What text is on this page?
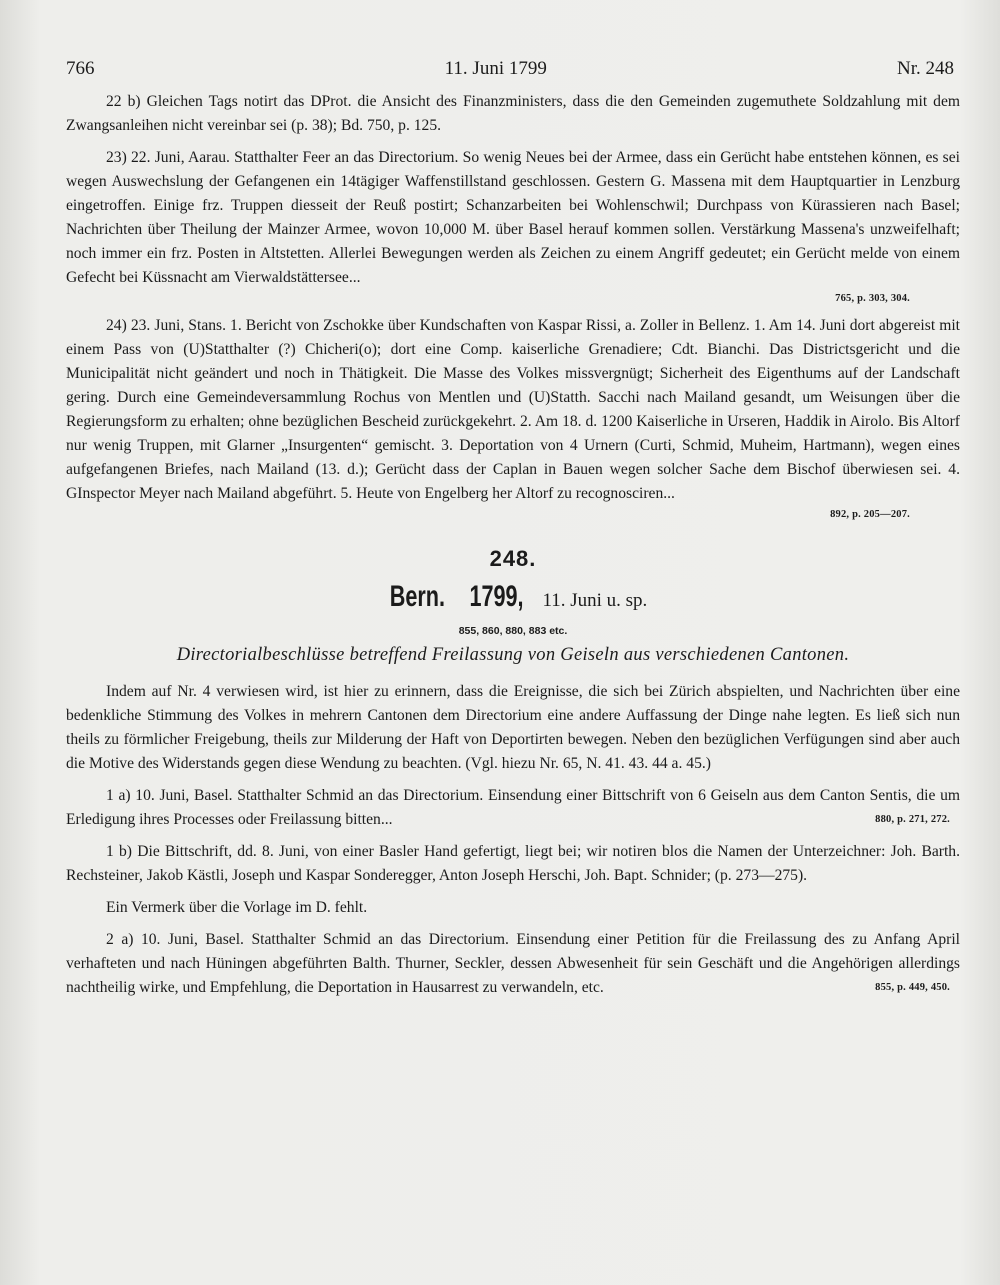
766	11. Juni 1799	Nr. 248

22 b) Gleichen Tags notirt das DProt. die Ansicht des Finanzministers, dass die den Gemeinden zugemuthete Soldzahlung mit dem Zwangsanleihen nicht vereinbar sei (p. 38); Bd. 750, p. 125.

23) 22. Juni, Aarau. Statthalter Feer an das Directorium. So wenig Neues bei der Armee, dass ein Gerücht habe entstehen können, es sei wegen Auswechslung der Gefangenen ein 14tägiger Waffenstillstand geschlossen. Gestern G. Massena mit dem Hauptquartier in Lenzburg eingetroffen. Einige frz. Truppen diesseit der Reuß postirt; Schanzarbeiten bei Wohlenschwil; Durchpass von Kürassieren nach Basel; Nachrichten über Theilung der Mainzer Armee, wovon 10,000 M. über Basel herauf kommen sollen. Verstärkung Massena's unzweifelhaft; noch immer ein frz. Posten in Altstetten. Allerlei Bewegungen werden als Zeichen zu einem Angriff gedeutet; ein Gerücht melde von einem Gefecht bei Küssnacht am Vierwaldstättersee...

765, p. 303, 304.

24) 23. Juni, Stans. 1. Bericht von Zschokke über Kundschaften von Kaspar Rissi, a. Zoller in Bellenz. 1. Am 14. Juni dort abgereist mit einem Pass von (U)Statthalter (?) Chicheri(o); dort eine Comp. kaiserliche Grenadiere; Cdt. Bianchi. Das Districtsgericht und die Municipalität nicht geändert und noch in Thätigkeit. Die Masse des Volkes missvergnügt; Sicherheit des Eigenthums auf der Landschaft gering. Durch eine Gemeindeversammlung Rochus von Mentlen und (U)Statth. Sacchi nach Mailand gesandt, um Weisungen über die Regierungsform zu erhalten; ohne bezüglichen Bescheid zurückgekehrt. 2. Am 18. d. 1200 Kaiserliche in Urseren, Haddik in Airolo. Bis Altorf nur wenig Truppen, mit Glarner „Insurgenten“ gemischt. 3. Deportation von 4 Urnern (Curti, Schmid, Muheim, Hartmann), wegen eines aufgefangenen Briefes, nach Mailand (13. d.); Gerücht dass der Caplan in Bauen wegen solcher Sache dem Bischof überwiesen sei. 4. GInspector Meyer nach Mailand abgeführt. 5. Heute von Engelberg her Altorf zu recognosciren...

892, p. 205—207.
248.
Bern. 1799, 11. Juni u. sp.
855, 860, 880, 883 etc.
Directorialbeschlüsse betreffend Freilassung von Geiseln aus verschiedenen Cantonen.

Indem auf Nr. 4 verwiesen wird, ist hier zu erinnern, dass die Ereignisse, die sich bei Zürich abspielten, und Nachrichten über eine bedenkliche Stimmung des Volkes in mehrern Cantonen dem Directorium eine andere Auffassung der Dinge nahe legten. Es ließ sich nun theils zu förmlicher Freigebung, theils zur Milderung der Haft von Deportirten bewegen. Neben den bezüglichen Verfügungen sind aber auch die Motive des Widerstands gegen diese Wendung zu beachten. (Vgl. hiezu Nr. 65, N. 41. 43. 44 a. 45.)

1 a) 10. Juni, Basel. Statthalter Schmid an das Directorium. Einsendung einer Bittschrift von 6 Geiseln aus dem Canton Sentis, die um Erledigung ihres Processes oder Freilassung bitten...	880, p. 271, 272.

1 b) Die Bittschrift, dd. 8. Juni, von einer Basler Hand gefertigt, liegt bei; wir notiren blos die Namen der Unterzeichner: Joh. Barth. Rechsteiner, Jakob Kästli, Joseph und Kaspar Sonderegger, Anton Joseph Herschi, Joh. Bapt. Schnider; (p. 273—275).

Ein Vermerk über die Vorlage im D. fehlt.

2 a) 10. Juni, Basel. Statthalter Schmid an das Directorium. Einsendung einer Petition für die Freilassung des zu Anfang April verhafteten und nach Hüningen abgeführten Balth. Thurner, Seckler, dessen Abwesenheit für sein Geschäft und die Angehörigen allerdings nachtheilig wirke, und Empfehlung, die Deportation in Hausarrest zu verwandeln, etc.	855, p. 449, 450.
